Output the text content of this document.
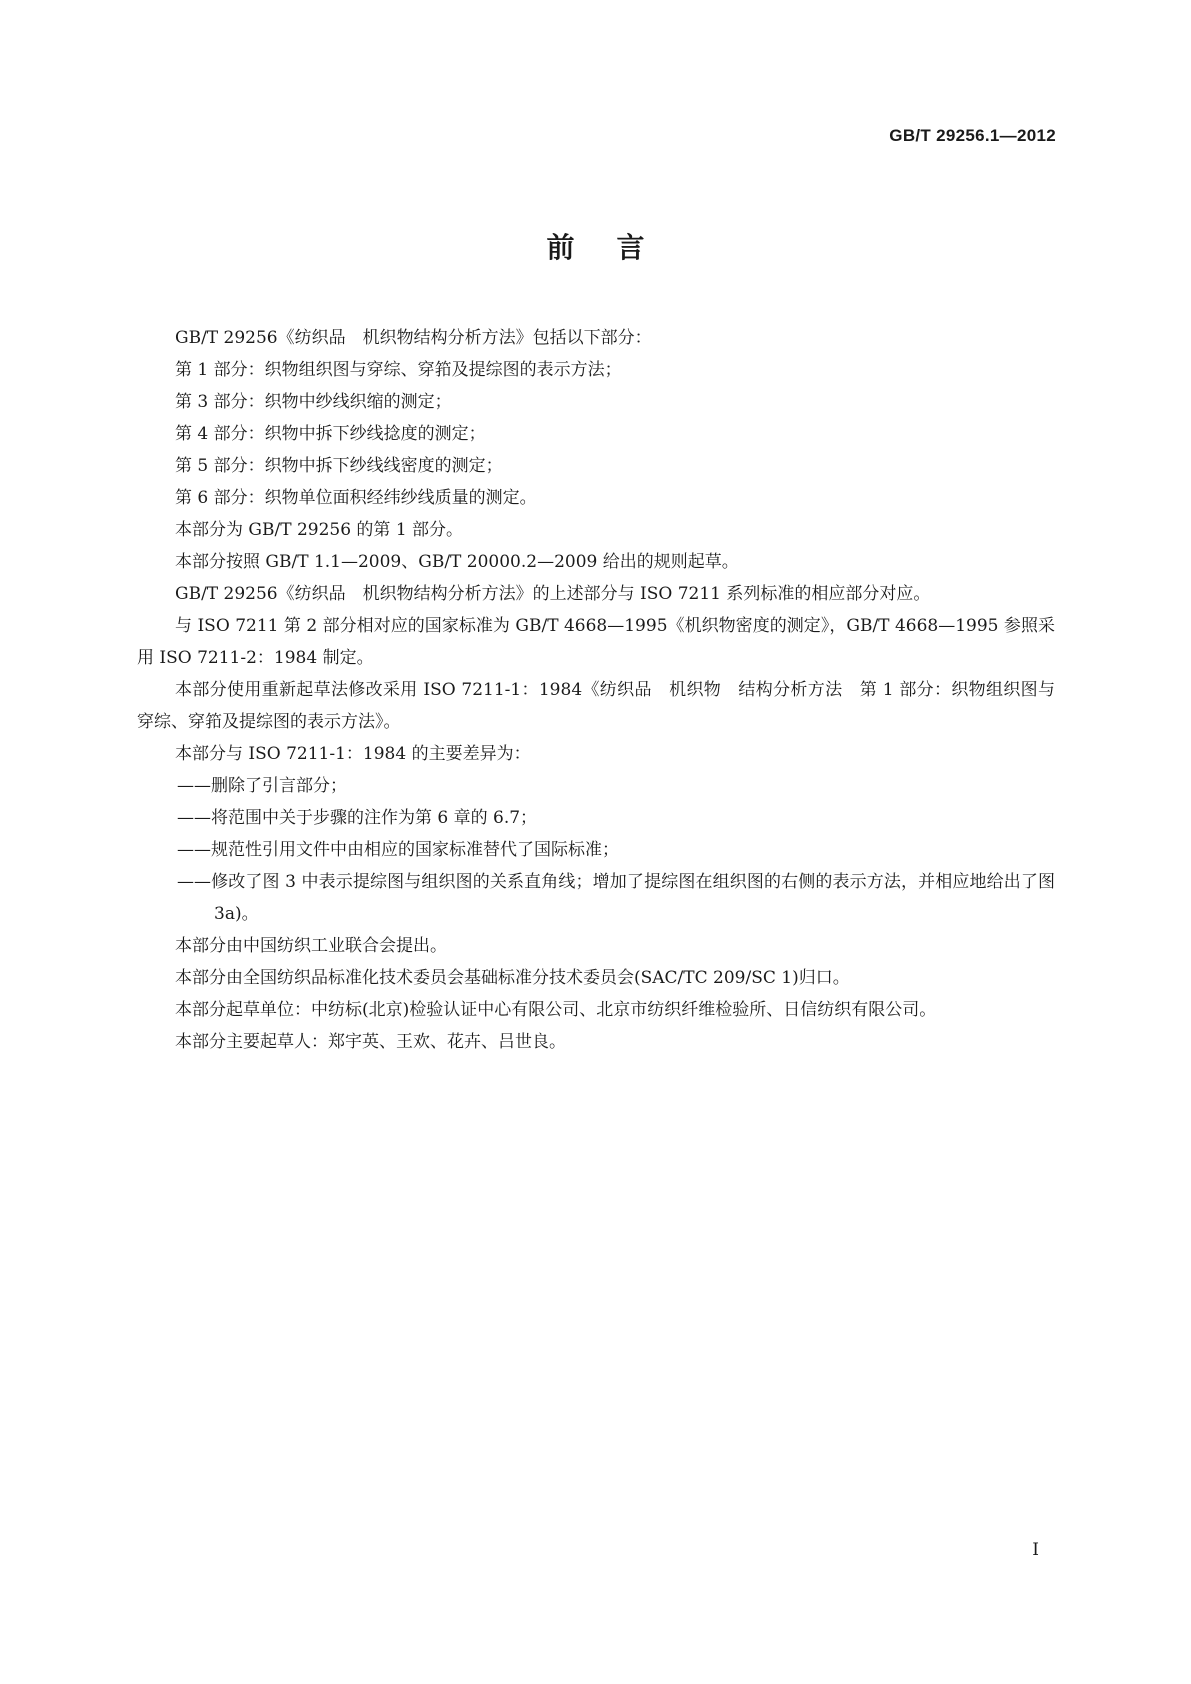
GB/T 29256.1—2012
前言

GB/T 29256《纺织品　机织物结构分析方法》包括以下部分：

第 1 部分：织物组织图与穿综、穿筘及提综图的表示方法；

第 3 部分：织物中纱线织缩的测定；

第 4 部分：织物中拆下纱线捻度的测定；

第 5 部分：织物中拆下纱线线密度的测定；

第 6 部分：织物单位面积经纬纱线质量的测定。

本部分为 GB/T 29256 的第 1 部分。

本部分按照 GB/T 1.1—2009、GB/T 20000.2—2009 给出的规则起草。

GB/T 29256《纺织品　机织物结构分析方法》的上述部分与 ISO 7211 系列标准的相应部分对应。

与 ISO 7211 第 2 部分相对应的国家标准为 GB/T 4668—1995《机织物密度的测定》，GB/T 4668—1995 参照采用 ISO 7211-2：1984 制定。

本部分使用重新起草法修改采用 ISO 7211-1：1984《纺织品　机织物　结构分析方法　第 1 部分：织物组织图与穿综、穿筘及提综图的表示方法》。

本部分与 ISO 7211-1：1984 的主要差异为：

——删除了引言部分；

——将范围中关于步骤的注作为第 6 章的 6.7；

——规范性引用文件中由相应的国家标准替代了国际标准；

——修改了图 3 中表示提综图与组织图的关系直角线；增加了提综图在组织图的右侧的表示方法，并相应地给出了图 3a)。

本部分由中国纺织工业联合会提出。

本部分由全国纺织品标准化技术委员会基础标准分技术委员会(SAC/TC 209/SC 1)归口。

本部分起草单位：中纺标(北京)检验认证中心有限公司、北京市纺织纤维检验所、日信纺织有限公司。

本部分主要起草人：郑宇英、王欢、花卉、吕世良。

I
